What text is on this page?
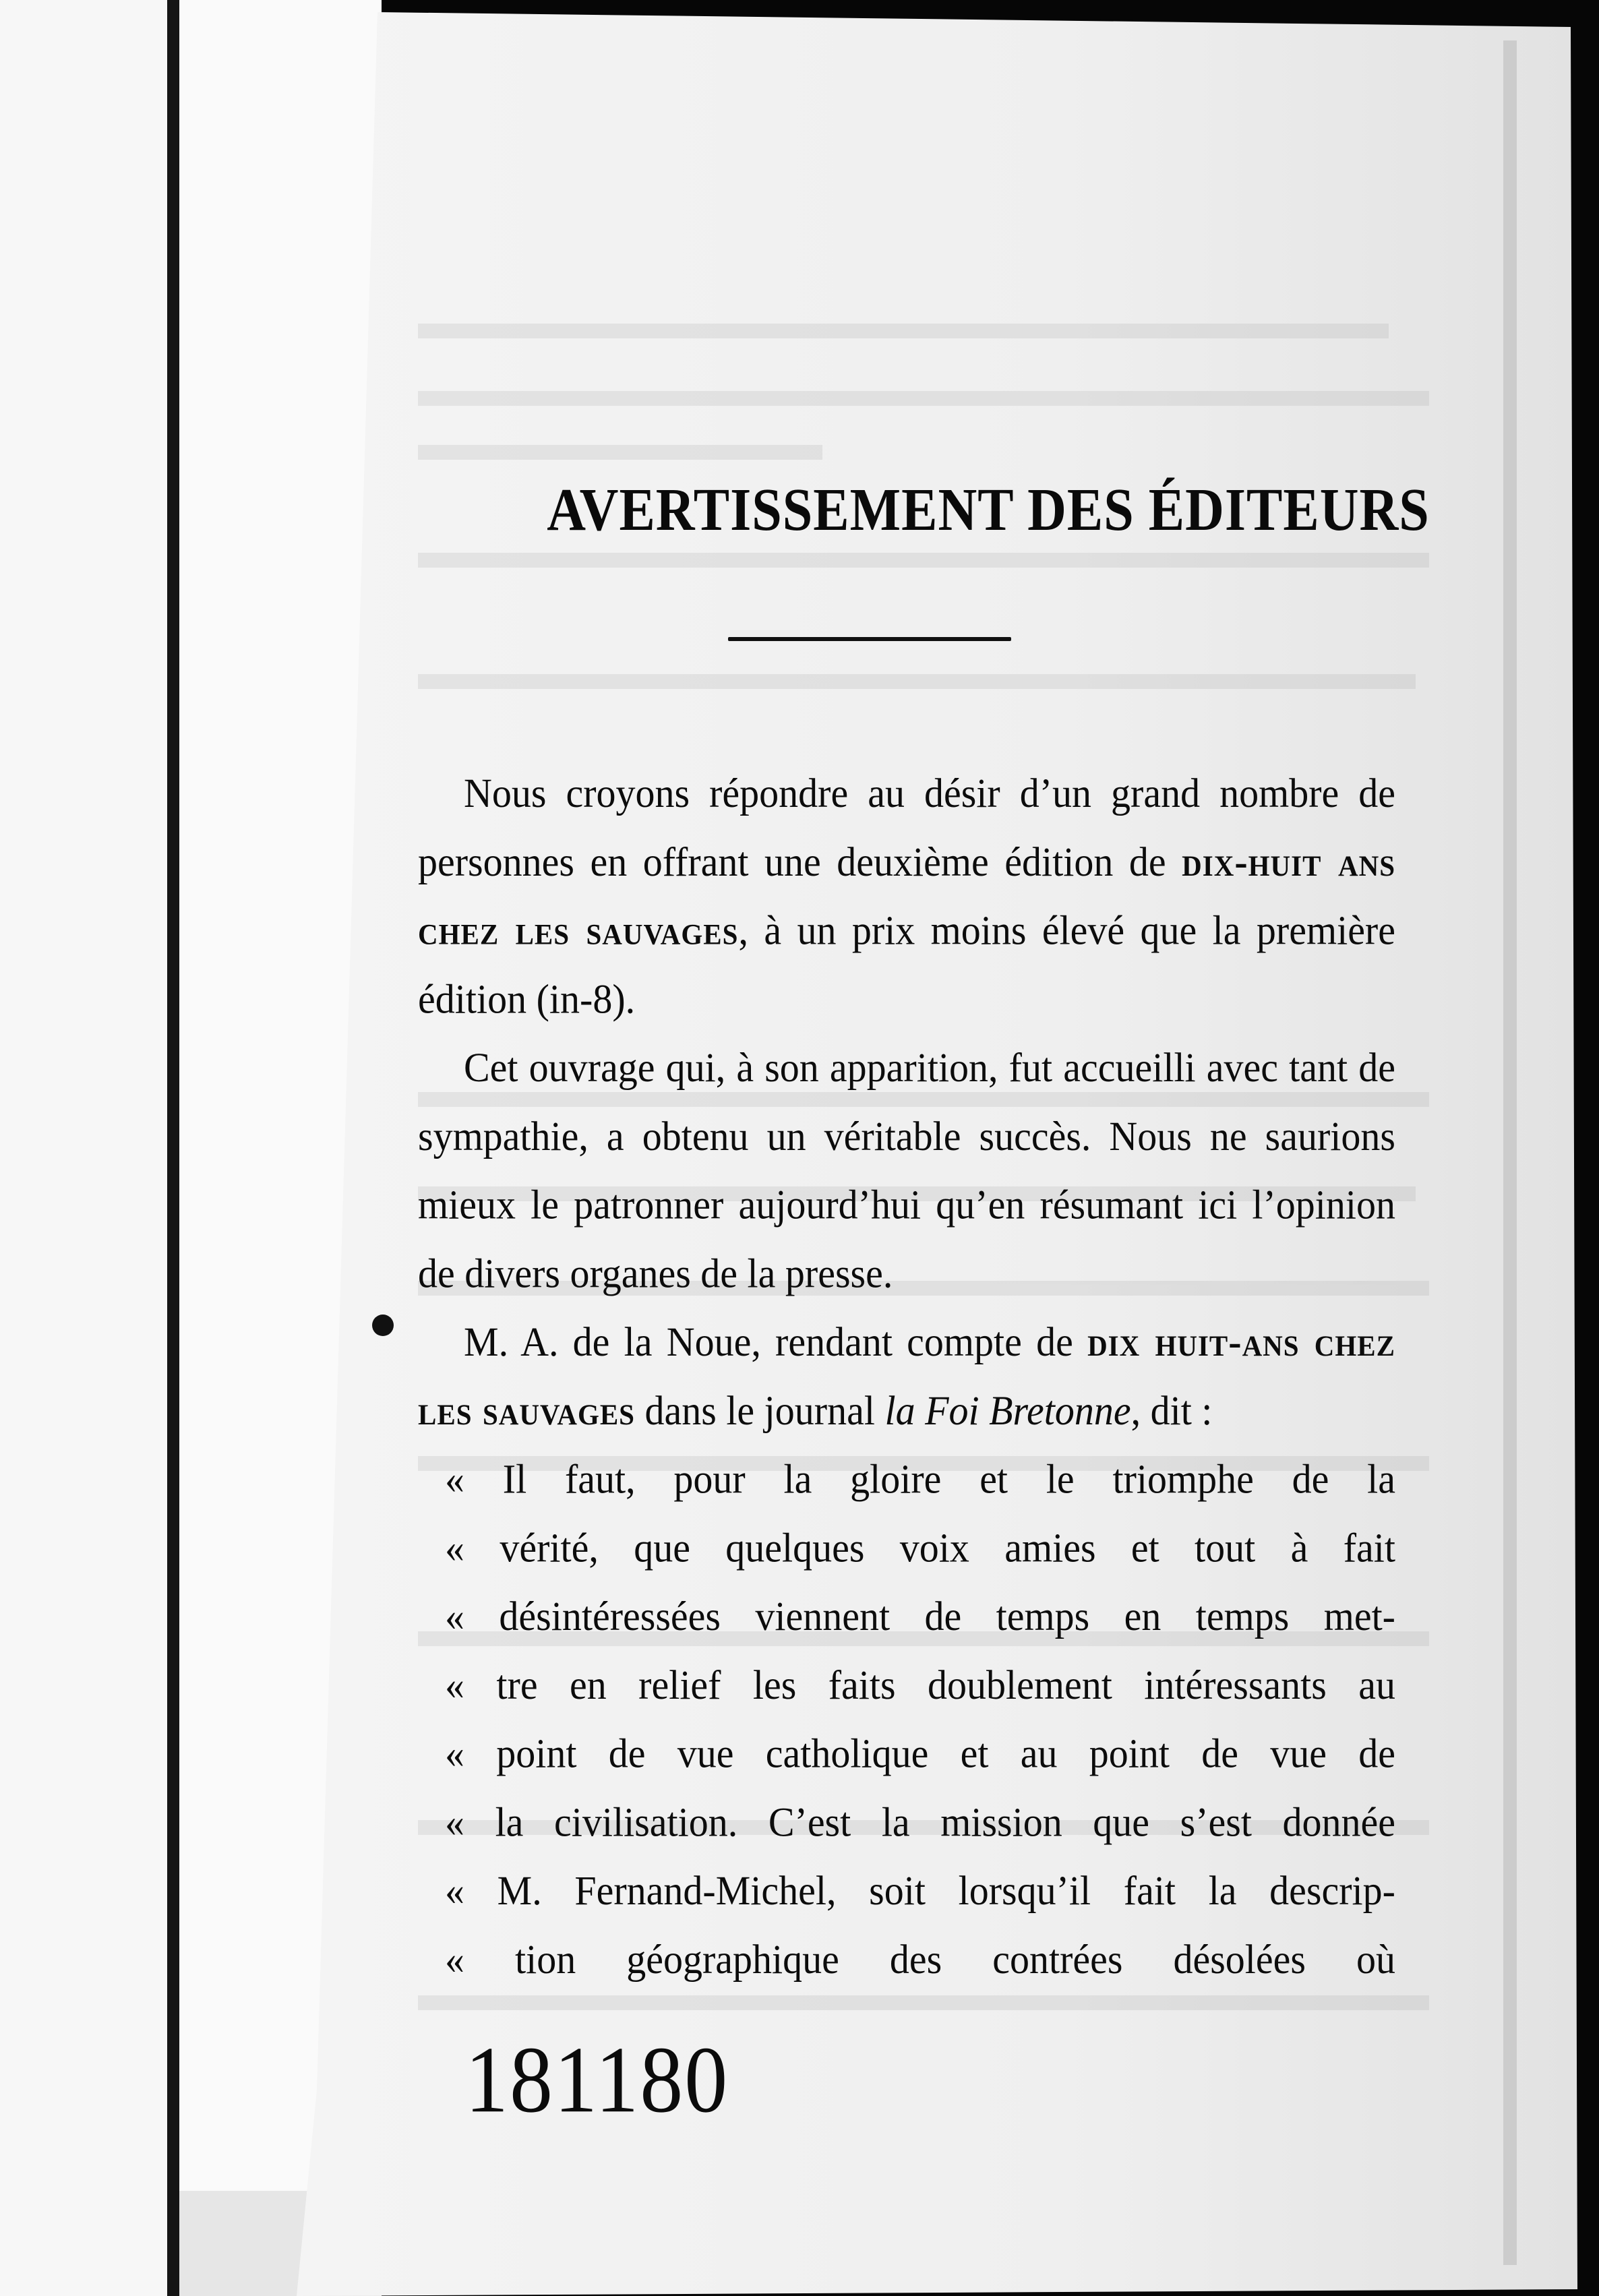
AVERTISSEMENT DES ÉDITEURS

Nous croyons répondre au désir d’un grand nombre de personnes en offrant une deuxième édition de dix-huit ans chez les sauvages, à un prix moins élevé que la première édition (in-8).

Cet ouvrage qui, à son apparition, fut accueilli avec tant de sympathie, a obtenu un véritable succès. Nous ne saurions mieux le patronner aujourd’hui qu’en résumant ici l’opinion de divers organes de la presse.

M. A. de la Noue, rendant compte de dix huit-ans chez les sauvages dans le journal la Foi Bretonne, dit :

« Il faut, pour la gloire et le triomphe de la
« vérité, que quelques voix amies et tout à fait
« désintéressées viennent de temps en temps met-
« tre en relief les faits doublement intéressants au
« point de vue catholique et au point de vue de
« la civilisation. C’est la mission que s’est donnée
« M. Fernand-Michel, soit lorsqu’il fait la descrip-
« tion géographique des contrées désolées où
181180
